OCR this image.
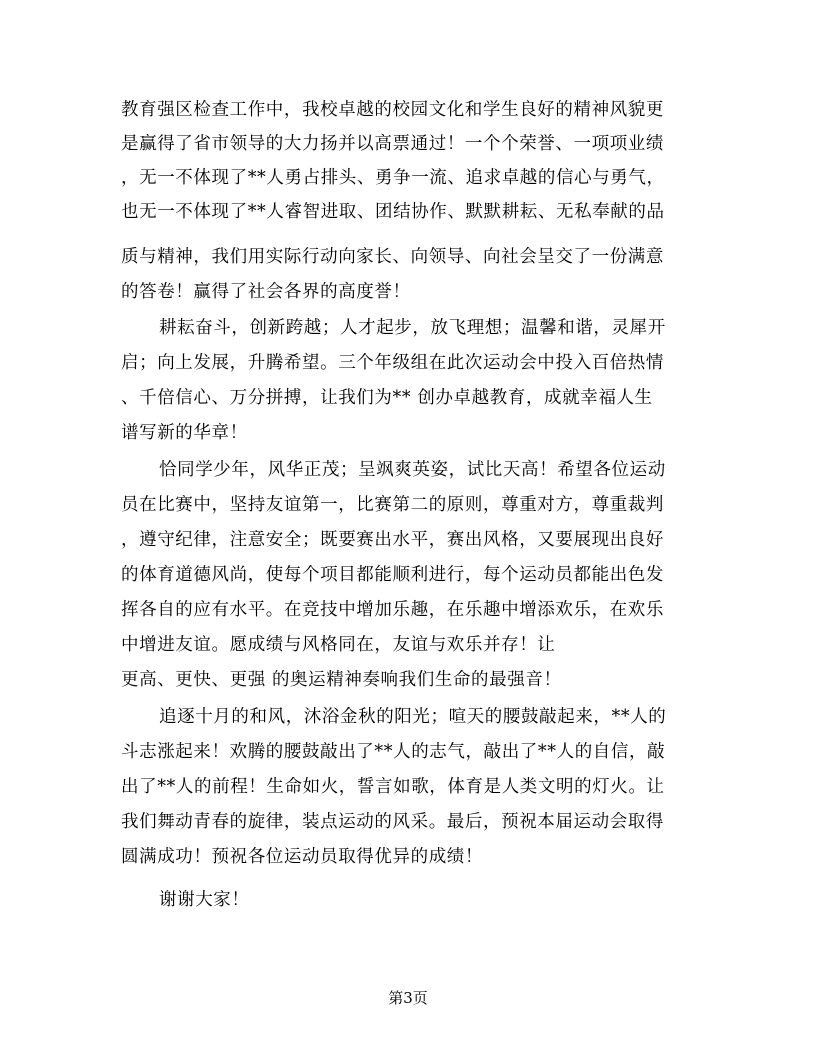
教育强区检查工作中，我校卓越的校园文化和学生良好的精神风貌更
是赢得了省市领导的大力扬并以高票通过！一个个荣誉、一项项业绩
，无一不体现了**人勇占排头、勇争一流、追求卓越的信心与勇气，
也无一不体现了**人睿智进取、团结协作、默默耕耘、无私奉献的品
质与精神，我们用实际行动向家长、向领导、向社会呈交了一份满意
的答卷！赢得了社会各界的高度誉！
耕耘奋斗，创新跨越；人才起步，放飞理想；温馨和谐，灵犀开
启；向上发展，升腾希望。三个年级组在此次运动会中投入百倍热情
、千倍信心、万分拼搏，让我们为** 创办卓越教育，成就幸福人生
谱写新的华章！
恰同学少年，风华正茂；呈飒爽英姿，试比天高！希望各位运动
员在比赛中，坚持友谊第一，比赛第二的原则，尊重对方，尊重裁判
，遵守纪律，注意安全；既要赛出水平，赛出风格，又要展现出良好
的体育道德风尚，使每个项目都能顺利进行，每个运动员都能出色发
挥各自的应有水平。在竞技中增加乐趣，在乐趣中增添欢乐，在欢乐
中增进友谊。愿成绩与风格同在，友谊与欢乐并存！让
更高、更快、更强 的奥运精神奏响我们生命的最强音！
追逐十月的和风，沐浴金秋的阳光；喧天的腰鼓敲起来，**人的
斗志涨起来！欢腾的腰鼓敲出了**人的志气，敲出了**人的自信，敲
出了**人的前程！生命如火，誓言如歌，体育是人类文明的灯火。让
我们舞动青春的旋律，装点运动的风采。最后，预祝本届运动会取得
圆满成功！预祝各位运动员取得优异的成绩！
谢谢大家！
第3页
